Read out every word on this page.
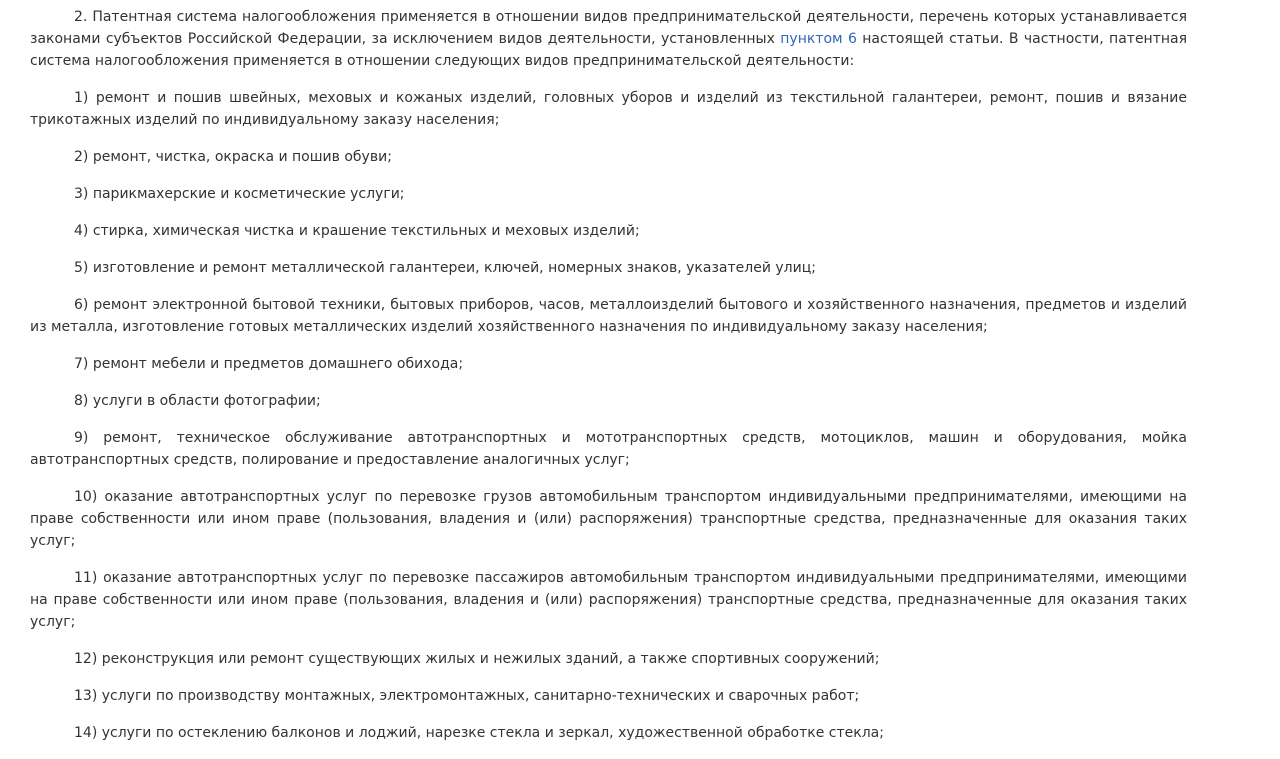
2. Патентная система налогообложения применяется в отношении видов предпринимательской деятельности, перечень которых устанавливается законами субъектов Российской Федерации, за исключением видов деятельности, установленных пунктом 6 настоящей статьи. В частности, патентная система налогообложения применяется в отношении следующих видов предпринимательской деятельности:

1) ремонт и пошив швейных, меховых и кожаных изделий, головных уборов и изделий из текстильной галантереи, ремонт, пошив и вязание трикотажных изделий по индивидуальному заказу населения;

2) ремонт, чистка, окраска и пошив обуви;

3) парикмахерские и косметические услуги;

4) стирка, химическая чистка и крашение текстильных и меховых изделий;

5) изготовление и ремонт металлической галантереи, ключей, номерных знаков, указателей улиц;

6) ремонт электронной бытовой техники, бытовых приборов, часов, металлоизделий бытового и хозяйственного назначения, предметов и изделий из металла, изготовление готовых металлических изделий хозяйственного назначения по индивидуальному заказу населения;

7) ремонт мебели и предметов домашнего обихода;

8) услуги в области фотографии;

9) ремонт, техническое обслуживание автотранспортных и мототранспортных средств, мотоциклов, машин и оборудования, мойка автотранспортных средств, полирование и предоставление аналогичных услуг;

10) оказание автотранспортных услуг по перевозке грузов автомобильным транспортом индивидуальными предпринимателями, имеющими на праве собственности или ином праве (пользования, владения и (или) распоряжения) транспортные средства, предназначенные для оказания таких услуг;

11) оказание автотранспортных услуг по перевозке пассажиров автомобильным транспортом индивидуальными предпринимателями, имеющими на праве собственности или ином праве (пользования, владения и (или) распоряжения) транспортные средства, предназначенные для оказания таких услуг;

12) реконструкция или ремонт существующих жилых и нежилых зданий, а также спортивных сооружений;

13) услуги по производству монтажных, электромонтажных, санитарно-технических и сварочных работ;

14) услуги по остеклению балконов и лоджий, нарезке стекла и зеркал, художественной обработке стекла;
